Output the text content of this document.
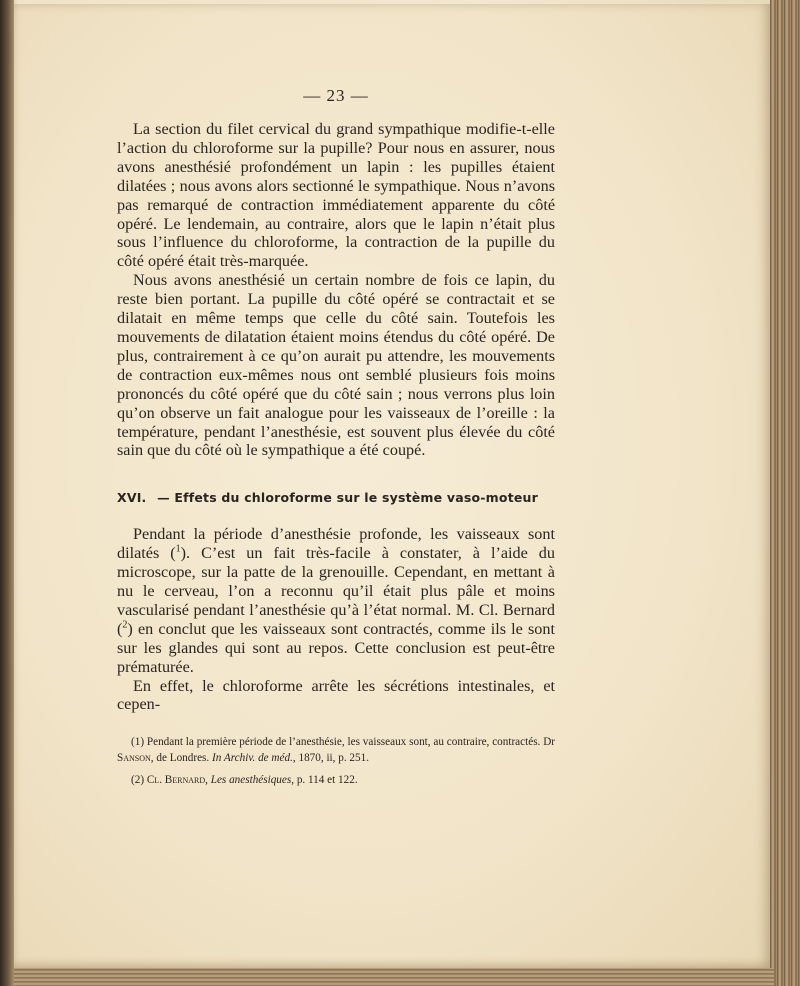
— 23 —

La section du filet cervical du grand sympathique modifie-t-elle l’action du chloroforme sur la pupille? Pour nous en assurer, nous avons anesthésié profondément un lapin : les pupilles étaient dilatées ; nous avons alors sectionné le sympathique. Nous n’avons pas remarqué de contraction immédiatement apparente du côté opéré. Le lendemain, au contraire, alors que le lapin n’était plus sous l’influence du chloroforme, la contraction de la pupille du côté opéré était très-marquée.

Nous avons anesthésié un certain nombre de fois ce lapin, du reste bien portant. La pupille du côté opéré se contractait et se dilatait en même temps que celle du côté sain. Toutefois les mouvements de dilatation étaient moins étendus du côté opéré. De plus, contrairement à ce qu’on aurait pu attendre, les mouvements de contraction eux-mêmes nous ont semblé plusieurs fois moins prononcés du côté opéré que du côté sain ; nous verrons plus loin qu’on observe un fait analogue pour les vaisseaux de l’oreille : la température, pendant l’anesthésie, est souvent plus élevée du côté sain que du côté où le sympathique a été coupé.

XVI. — Effets du chloroforme sur le système vaso-moteur

Pendant la période d’anesthésie profonde, les vaisseaux sont dilatés ($^1$). C’est un fait très-facile à constater, à l’aide du microscope, sur la patte de la grenouille. Cependant, en mettant à nu le cerveau, l’on a reconnu qu’il était plus pâle et moins vascularisé pendant l’anesthésie qu’à l’état normal. M. Cl. Bernard ($^2$) en conclut que les vaisseaux sont contractés, comme ils le sont sur les glandes qui sont au repos. Cette conclusion est peut-être prématurée.

En effet, le chloroforme arrête les sécrétions intestinales, et cepen-

(1) Pendant la première période de l’anesthésie, les vaisseaux sont, au contraire, contractés. Dr Sanson, de Londres. In Archiv. de méd., 1870, ii, p. 251.

(2) Cl. Bernard, Les anesthésiques, p. 114 et 122.
